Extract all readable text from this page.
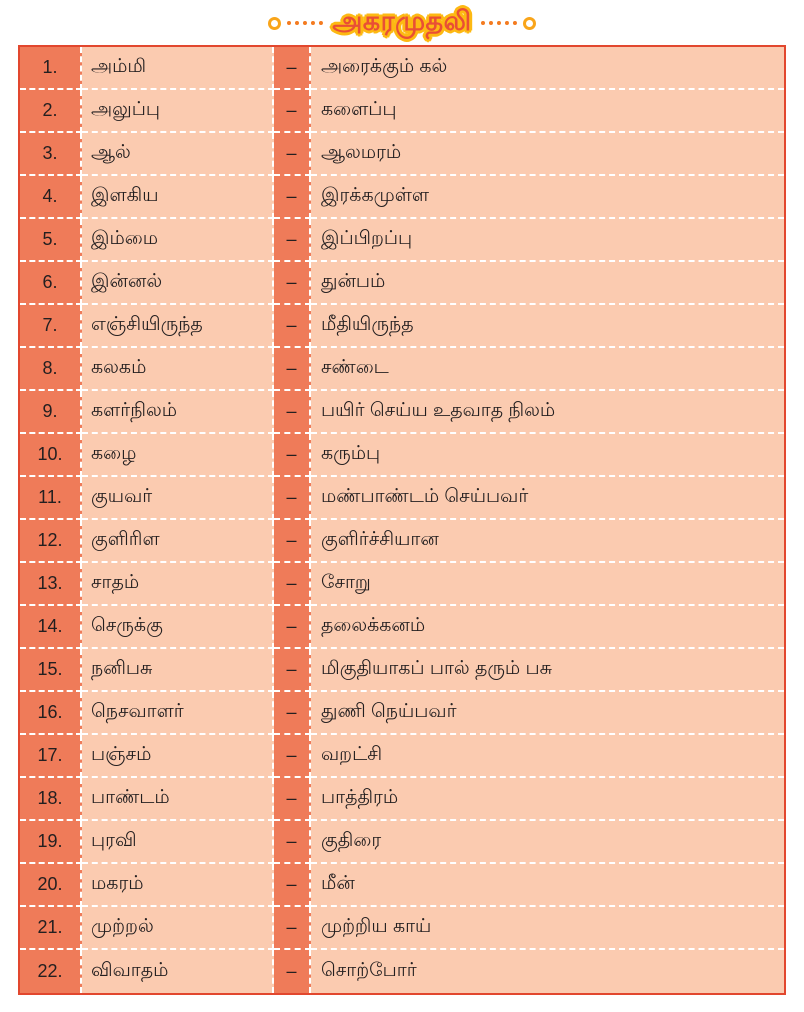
அகரமுதலி
1.	அம்மி	–	அரைக்கும் கல்
2.	அலுப்பு	–	களைப்பு
3.	ஆல்	–	ஆலமரம்
4.	இளகிய	–	இரக்கமுள்ள
5.	இம்மை	–	இப்பிறப்பு
6.	இன்னல்	–	துன்பம்
7.	எஞ்சியிருந்த	–	மீதியிருந்த
8.	கலகம்	–	சண்டை
9.	களர்நிலம்	–	பயிர் செய்ய உதவாத நிலம்
10.	கழை	–	கரும்பு
11.	குயவர்	–	மண்பாண்டம் செய்பவர்
12.	குளிரிள	–	குளிர்ச்சியான
13.	சாதம்	–	சோறு
14.	செருக்கு	–	தலைக்கனம்
15.	நனிபசு	–	மிகுதியாகப் பால் தரும் பசு
16.	நெசவாளர்	–	துணி நெய்பவர்
17.	பஞ்சம்	–	வறட்சி
18.	பாண்டம்	–	பாத்திரம்
19.	புரவி	–	குதிரை
20.	மகரம்	–	மீன்
21.	முற்றல்	–	முற்றிய காய்
22.	விவாதம்	–	சொற்போர்
